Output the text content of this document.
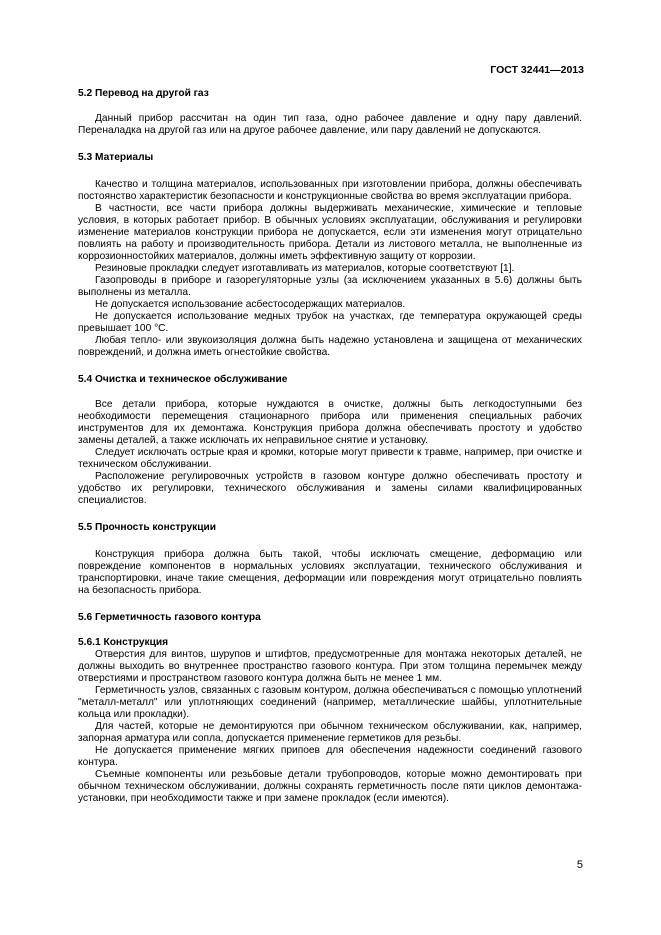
ГОСТ 32441—2013
5.2 Перевод на другой газ

Данный прибор рассчитан на один тип газа, одно рабочее давление и одну пару давлений. Переналадка на другой газ или на другое рабочее давление, или пару давлений не допускаются.

5.3 Материалы

Качество и толщина материалов, использованных при изготовлении прибора, должны обеспечивать постоянство характеристик безопасности и конструкционные свойства во время эксплуатации прибора.

В частности, все части прибора должны выдерживать механические, химические и тепловые условия, в которых работает прибор. В обычных условиях эксплуатации, обслуживания и регулировки изменение материалов конструкции прибора не допускается, если эти изменения могут отрицательно повлиять на работу и производительность прибора. Детали из листового металла, не выполненные из коррозионностойких материалов, должны иметь эффективную защиту от коррозии.

Резиновые прокладки следует изготавливать из материалов, которые соответствуют [1].

Газопроводы в приборе и газорегуляторные узлы (за исключением указанных в 5.6) должны быть выполнены из металла.

Не допускается использование асбестосодержащих материалов.

Не допускается использование медных трубок на участках, где температура окружающей среды превышает 100 °С.

Любая тепло- или звукоизоляция должна быть надежно установлена и защищена от механических повреждений, и должна иметь огнестойкие свойства.

5.4 Очистка и техническое обслуживание

Все детали прибора, которые нуждаются в очистке, должны быть легкодоступными без необходимости перемещения стационарного прибора или применения специальных рабочих инструментов для их демонтажа. Конструкция прибора должна обеспечивать простоту и удобство замены деталей, а также исключать их неправильное снятие и установку.

Следует исключать острые края и кромки, которые могут привести к травме, например, при очистке и техническом обслуживании.

Расположение регулировочных устройств в газовом контуре должно обеспечивать простоту и удобство их регулировки, технического обслуживания и замены силами квалифицированных специалистов.

5.5 Прочность конструкции

Конструкция прибора должна быть такой, чтобы исключать смещение, деформацию или повреждение компонентов в нормальных условиях эксплуатации, технического обслуживания и транспортировки, иначе такие смещения, деформации или повреждения могут отрицательно повлиять на безопасность прибора.

5.6 Герметичность газового контура
5.6.1 Конструкция

Отверстия для винтов, шурупов и штифтов, предусмотренные для монтажа некоторых деталей, не должны выходить во внутреннее пространство газового контура. При этом толщина перемычек между отверстиями и пространством газового контура должна быть не менее 1 мм.

Герметичность узлов, связанных с газовым контуром, должна обеспечиваться с помощью уплотнений "металл-металл" или уплотняющих соединений (например, металлические шайбы, уплотнительные кольца или прокладки).

Для частей, которые не демонтируются при обычном техническом обслуживании, как, например, запорная арматура или сопла, допускается применение герметиков для резьбы.

Не допускается применение мягких припоев для обеспечения надежности соединений газового контура.

Съемные компоненты или резьбовые детали трубопроводов, которые можно демонтировать при обычном техническом обслуживании, должны сохранять герметичность после пяти циклов демонтажа-установки, при необходимости также и при замене прокладок (если имеются).

5
